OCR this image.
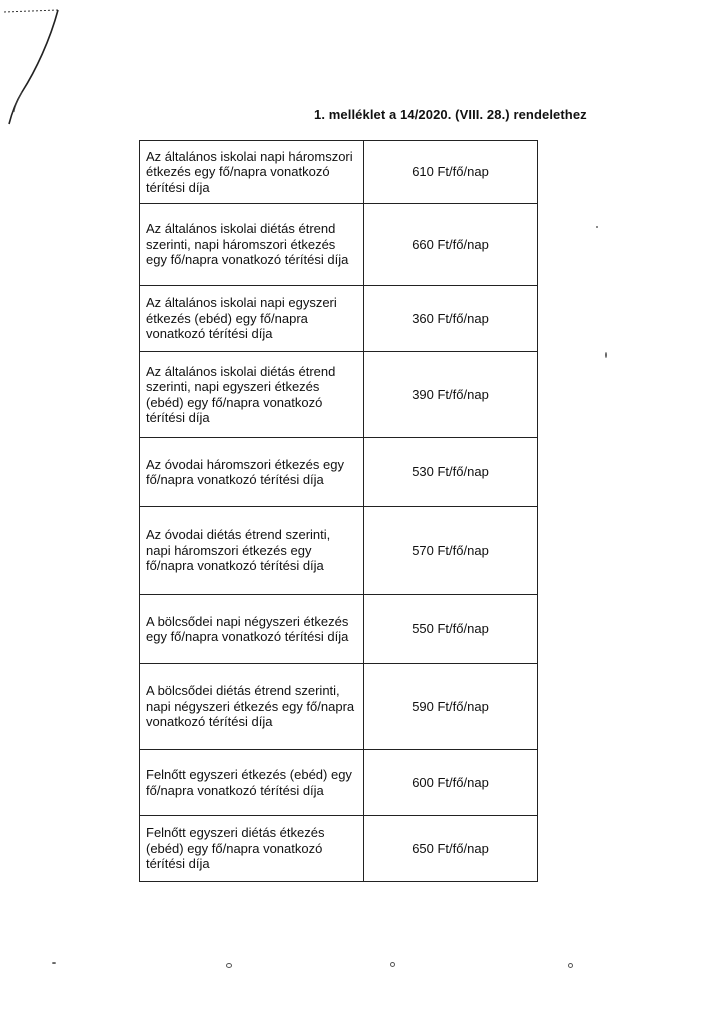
1. melléklet a 14/2020. (VIII. 28.) rendelethez
Az általános iskolai napi háromszori étkezés egy fő/napra vonatkozó térítési díja	610 Ft/fő/nap
Az általános iskolai diétás étrend szerinti, napi háromszori étkezés egy fő/napra vonatkozó térítési díja	660 Ft/fő/nap
Az általános iskolai napi egyszeri étkezés (ebéd) egy fő/napra vonatkozó térítési díja	360 Ft/fő/nap
Az általános iskolai diétás étrend szerinti, napi egyszeri étkezés (ebéd) egy fő/napra vonatkozó térítési díja	390 Ft/fő/nap
Az óvodai háromszori étkezés egy fő/napra vonatkozó térítési díja	530 Ft/fő/nap
Az óvodai diétás étrend szerinti, napi háromszori étkezés egy fő/napra vonatkozó térítési díja	570 Ft/fő/nap
A bölcsődei napi négyszeri étkezés egy fő/napra vonatkozó térítési díja	550 Ft/fő/nap
A bölcsődei diétás étrend szerinti, napi négyszeri étkezés egy fő/napra vonatkozó térítési díja	590 Ft/fő/nap
Felnőtt egyszeri étkezés (ebéd) egy fő/napra vonatkozó térítési díja	600 Ft/fő/nap
Felnőtt egyszeri diétás étkezés (ebéd) egy fő/napra vonatkozó térítési díja	650 Ft/fő/nap
